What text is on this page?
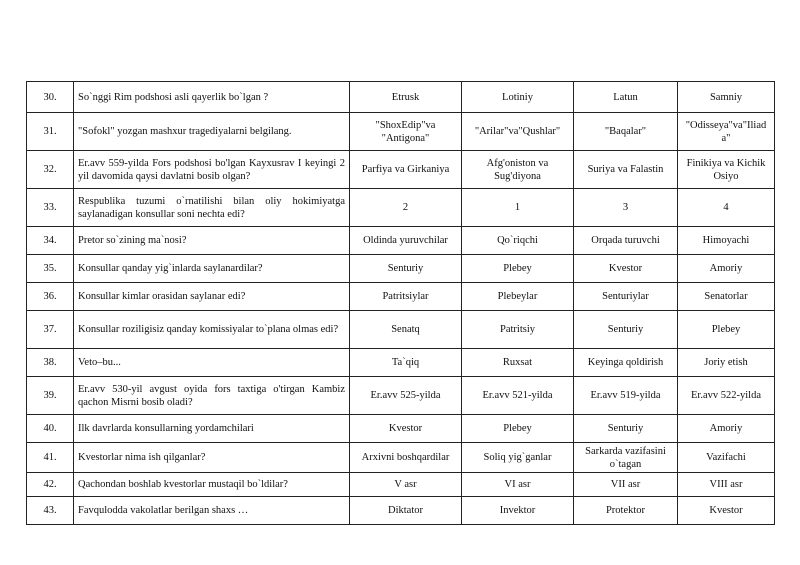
30.	So`nggi Rim podshosi asli qayerlik bo`lgan ?	Etrusk	Lotiniy	Latun	Samniy
31.	"Sofokl" yozgan mashxur tragediyalarni belgilang.	"ShoxEdip"va "Antigona"	"Arilar"va"Qushlar"	"Baqalar"	"Odisseya"va"Iliad a"
32.	Er.avv 559-yilda Fors podshosi bo'lgan Kayxusrav I keyingi 2 yil davomida qaysi davlatni bosib olgan?	Parfiya va Girkaniya	Afg'oniston va Sug'diyona	Suriya va Falastin	Finikiya va Kichik Osiyo
33.	Respublika tuzumi o`rnatilishi bilan oliy hokimiyatga saylanadigan konsullar soni nechta edi?	2	1	3	4
34.	Pretor so`zining ma`nosi?	Oldinda yuruvchilar	Qo`riqchi	Orqada turuvchi	Himoyachi
35.	Konsullar qanday yig`inlarda saylanardilar?	Senturiy	Plebey	Kvestor	Amoriy
36.	Konsullar kimlar orasidan saylanar edi?	Patritsiylar	Plebeylar	Senturiylar	Senatorlar
37.	Konsullar roziligisiz qanday komissiyalar to`plana olmas edi?	Senatq	Patritsiy	Senturiy	Plebey
38.	Veto–bu...	Ta`qiq	Ruxsat	Keyinga qoldirish	Joriy etish
39.	Er.avv 530-yil avgust oyida fors taxtiga o'tirgan Kambiz qachon Misrni bosib oladi?	Er.avv 525-yilda	Er.avv 521-yilda	Er.avv 519-yilda	Er.avv 522-yilda
40.	Ilk davrlarda konsullarning yordamchilari	Kvestor	Plebey	Senturiy	Amoriy
41.	Kvestorlar nima ish qilganlar?	Arxivni boshqardilar	Soliq yig`ganlar	Sarkarda vazifasini o`tagan	Vazifachi
42.	Qachondan boshlab kvestorlar mustaqil bo`ldilar?	V asr	VI asr	VII asr	VIII asr
43.	Favqulodda vakolatlar berilgan shaxs …	Diktator	Invektor	Protektor	Kvestor
